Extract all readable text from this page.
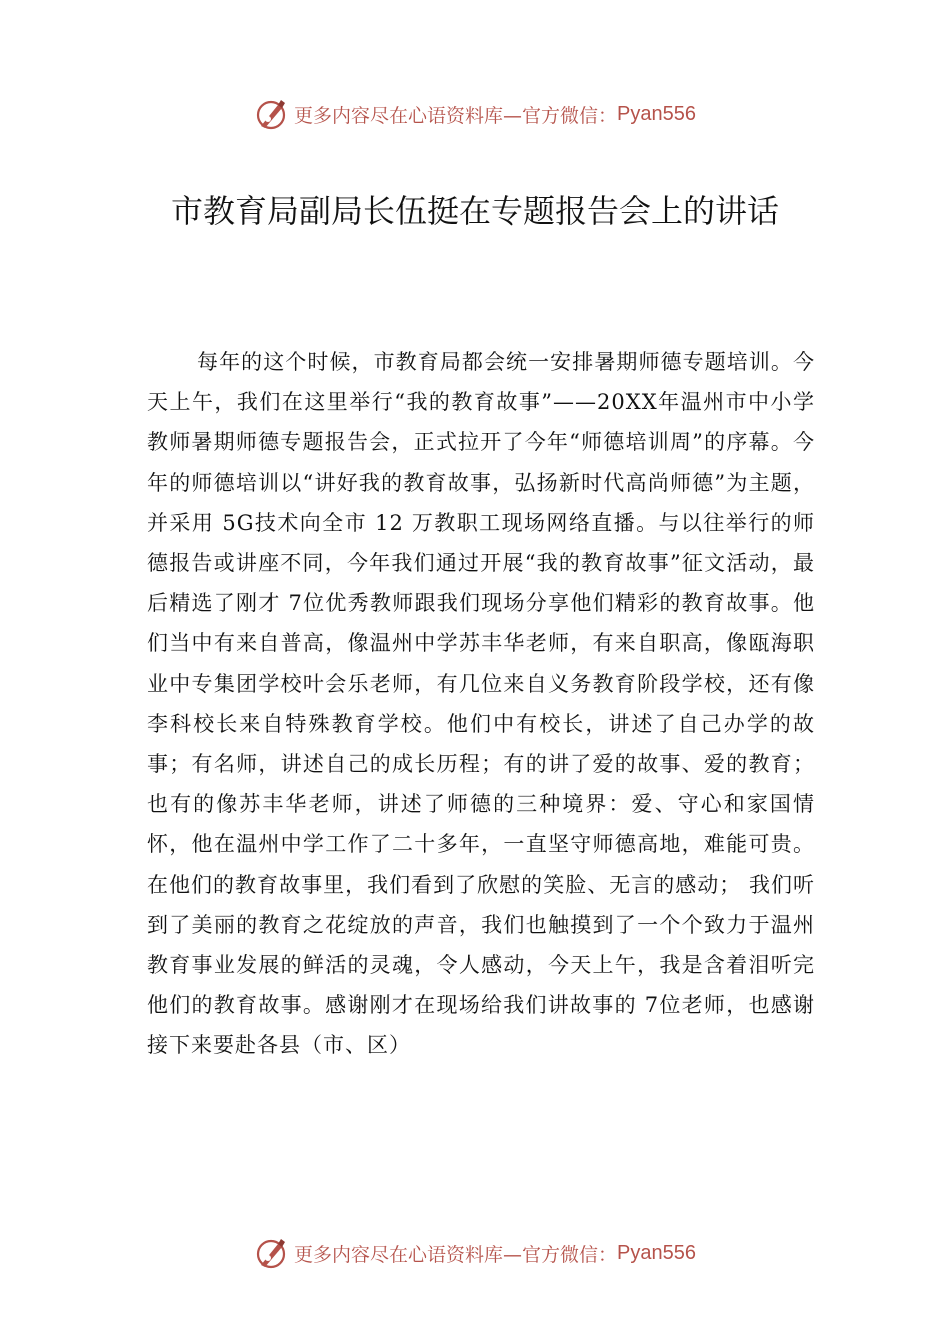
更多内容尽在心语资料库 —官方微信： Pyan556
市教育局副局长伍挺在专题报告会上的讲话

每年的这个时候，市教育局都会统一安排暑期师德专题培训。今天上午，我们在这里举行“我的教育故事”——20XX年温州市中小学教师暑期师德专题报告会，正式拉开了今年“师德培训周”的序幕。今年的师德培训以“讲好我的教育故事，弘扬新时代高尚师德”为主题，并采用 5G技术向全市 12 万教职工现场网络直播。与以往举行的师德报告或讲座不同，今年我们通过开展“我的教育故事”征文活动，最后精选了刚才 7位优秀教师跟我们现场分享他们精彩的教育故事。他们当中有来自普高，像温州中学苏丰华老师，有来自职高，像瓯海职业中专集团学校叶会乐老师，有几位来自义务教育阶段学校，还有像李科校长来自特殊教育学校。他们中有校长，讲述了自己办学的故事；有名师，讲述自己的成长历程；有的讲了爱的故事、爱的教育；也有的像苏丰华老师，讲述了师德的三种境界：爱、守心和家国情怀，他在温州中学工作了二十多年，一直坚守师德高地，难能可贵。 在他们的教育故事里，我们看到了欣慰的笑脸、无言的感动； 我们听到了美丽的教育之花绽放的声音，我们也触摸到了一个个致力于温州教育事业发展的鲜活的灵魂，令人感动，今天上午，我是含着泪听完他们的教育故事。感谢刚才在现场给我们讲故事的 7位老师，也感谢接下来要赴各县（市、区）

更多内容尽在心语资料库 —官方微信： Pyan556
